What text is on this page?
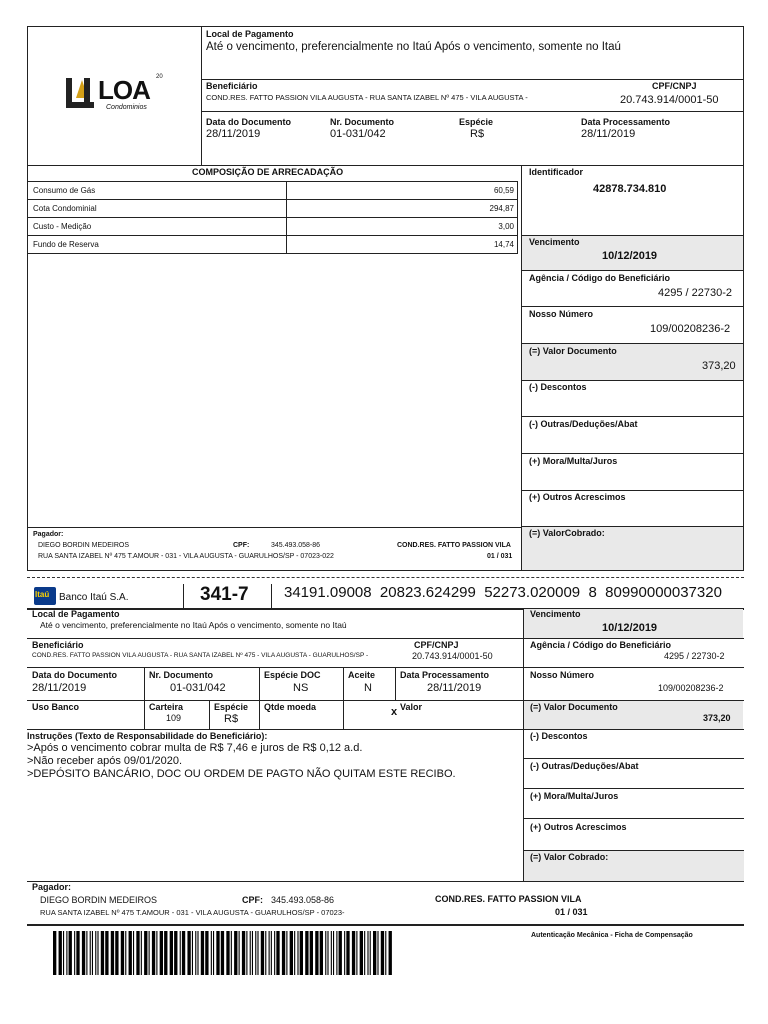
LOA
Condominios
20
Local de Pagamento
Até o vencimento, preferencialmente no Itaú Após o vencimento, somente no Itaú
Beneficiário
COND.RES. FATTO PASSION VILA AUGUSTA - RUA SANTA IZABEL Nº 475 - VILA AUGUSTA -
CPF/CNPJ
20.743.914/0001-50
Data do Documento
28/11/2019
Nr. Documento
01-031/042
Espécie
R$
Data Processamento
28/11/2019
COMPOSIÇÃO DE ARRECADAÇÃO
Consumo de Gás	60,59
Cota Condominial	294,87
Custo - Medição	3,00
Fundo de Reserva	14,74
Identificador
42878.734.810
Vencimento
10/12/2019
Agência / Código do Beneficiário
4295 / 22730-2
Nosso Número
109/00208236-2
(=) Valor Documento
373,20
(-) Descontos
(-) Outras/Deduções/Abat
(+) Mora/Multa/Juros
(+) Outros Acrescimos
(=) ValorCobrado:
Pagador:
DIEGO BORDIN MEDEIROS	CPF:	345.493.058-86	COND.RES. FATTO PASSION VILA
RUA SANTA IZABEL Nº 475 T.AMOUR - 031 - VILA AUGUSTA - GUARULHOS/SP - 07023-022	01 / 031
Itaú Banco Itaú S.A.	341-7 34191.09008  20823.624299  52273.020009  8  80990000037320
Local de Pagamento
Até o vencimento, preferencialmente no Itaú Após o vencimento, somente no Itaú
Vencimento
10/12/2019
Beneficiário
COND.RES. FATTO PASSION VILA AUGUSTA - RUA SANTA IZABEL Nº 475 - VILA AUGUSTA - GUARULHOS/SP -
CPF/CNPJ
20.743.914/0001-50
Agência / Código do Beneficiário
4295 / 22730-2
Data do Documento
28/11/2019
Nr. Documento
01-031/042
Espécie DOC
NS
Aceite
N
Data Processamento
28/11/2019
Nosso Número
109/00208236-2
Uso Banco	Carteira
109
Espécie
R$
Qtde moeda	x Valor	(=) Valor Documento
373,20
Instruções (Texto de Responsabilidade do Beneficiário):
>Após o vencimento cobrar multa de R$ 7,46 e juros de R$ 0,12 a.d.
>Não receber após 09/01/2020.
>DEPÓSITO BANCÁRIO, DOC OU ORDEM DE PAGTO NÃO QUITAM ESTE RECIBO.
(-) Descontos
(-) Outras/Deduções/Abat
(+) Mora/Multa/Juros
(+) Outros Acrescimos
(=) Valor Cobrado:
Pagador:
DIEGO BORDIN MEDEIROS	CPF: 345.493.058-86	COND.RES. FATTO PASSION VILA
RUA SANTA IZABEL Nº 475 T.AMOUR - 031 - VILA AUGUSTA - GUARULHOS/SP - 07023-	01 / 031
Autenticação Mecânica - Ficha de Compensação
